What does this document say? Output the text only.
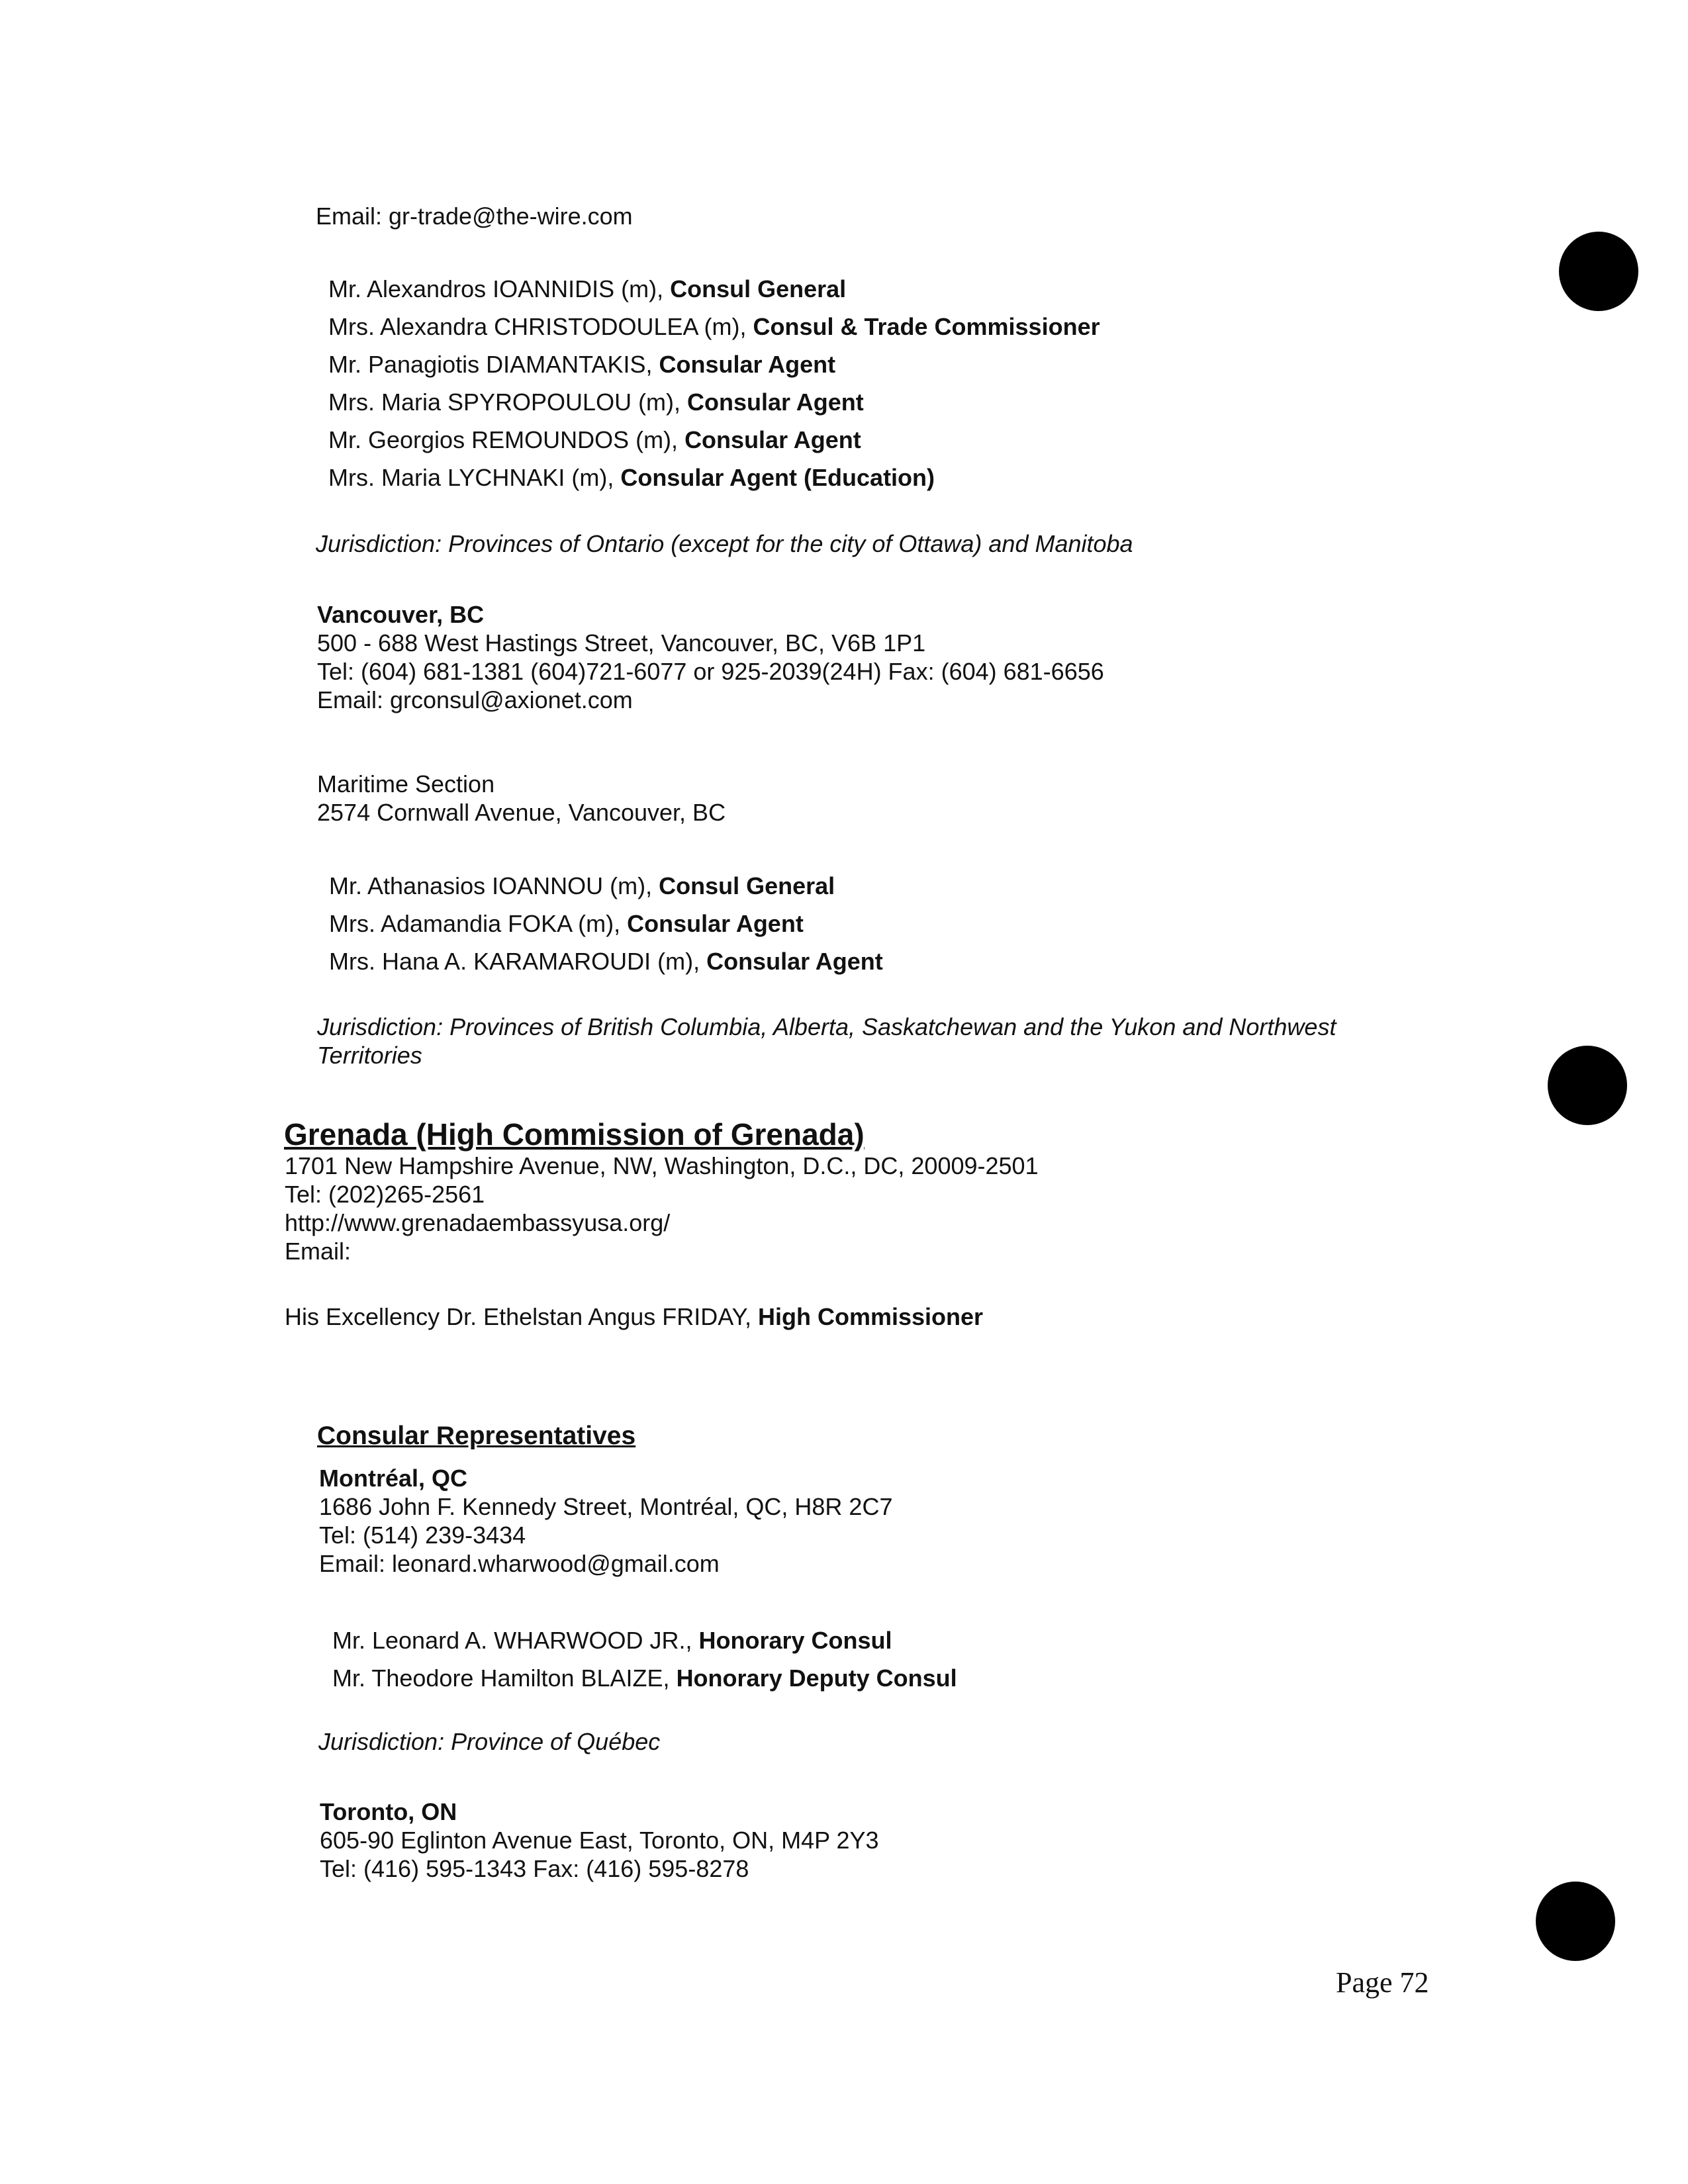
Email: gr-trade@the-wire.com
Mr. Alexandros IOANNIDIS (m), Consul General
Mrs. Alexandra CHRISTODOULEA (m), Consul & Trade Commissioner
Mr. Panagiotis DIAMANTAKIS, Consular Agent
Mrs. Maria SPYROPOULOU (m), Consular Agent
Mr. Georgios REMOUNDOS (m), Consular Agent
Mrs. Maria LYCHNAKI (m), Consular Agent (Education)
Jurisdiction: Provinces of Ontario (except for the city of Ottawa) and Manitoba
Vancouver, BC
500 - 688 West Hastings Street, Vancouver, BC, V6B 1P1
Tel: (604) 681-1381 (604)721-6077 or 925-2039(24H) Fax: (604) 681-6656
Email: grconsul@axionet.com
Maritime Section
2574 Cornwall Avenue, Vancouver, BC
Mr. Athanasios IOANNOU (m), Consul General
Mrs. Adamandia FOKA (m), Consular Agent
Mrs. Hana A. KARAMAROUDI (m), Consular Agent
Jurisdiction: Provinces of British Columbia, Alberta, Saskatchewan and the Yukon and Northwest
Territories
Grenada (High Commission of Grenada)
1701 New Hampshire Avenue, NW, Washington, D.C., DC, 20009-2501
Tel: (202)265-2561
http://www.grenadaembassyusa.org/
Email:
His Excellency Dr. Ethelstan Angus FRIDAY, High Commissioner
Consular Representatives
Montréal, QC
1686 John F. Kennedy Street, Montréal, QC, H8R 2C7
Tel: (514) 239-3434
Email: leonard.wharwood@gmail.com
Mr. Leonard A. WHARWOOD JR., Honorary Consul
Mr. Theodore Hamilton BLAIZE, Honorary Deputy Consul
Jurisdiction: Province of Québec
Toronto, ON
605-90 Eglinton Avenue East, Toronto, ON, M4P 2Y3
Tel: (416) 595-1343 Fax: (416) 595-8278
Page 72
